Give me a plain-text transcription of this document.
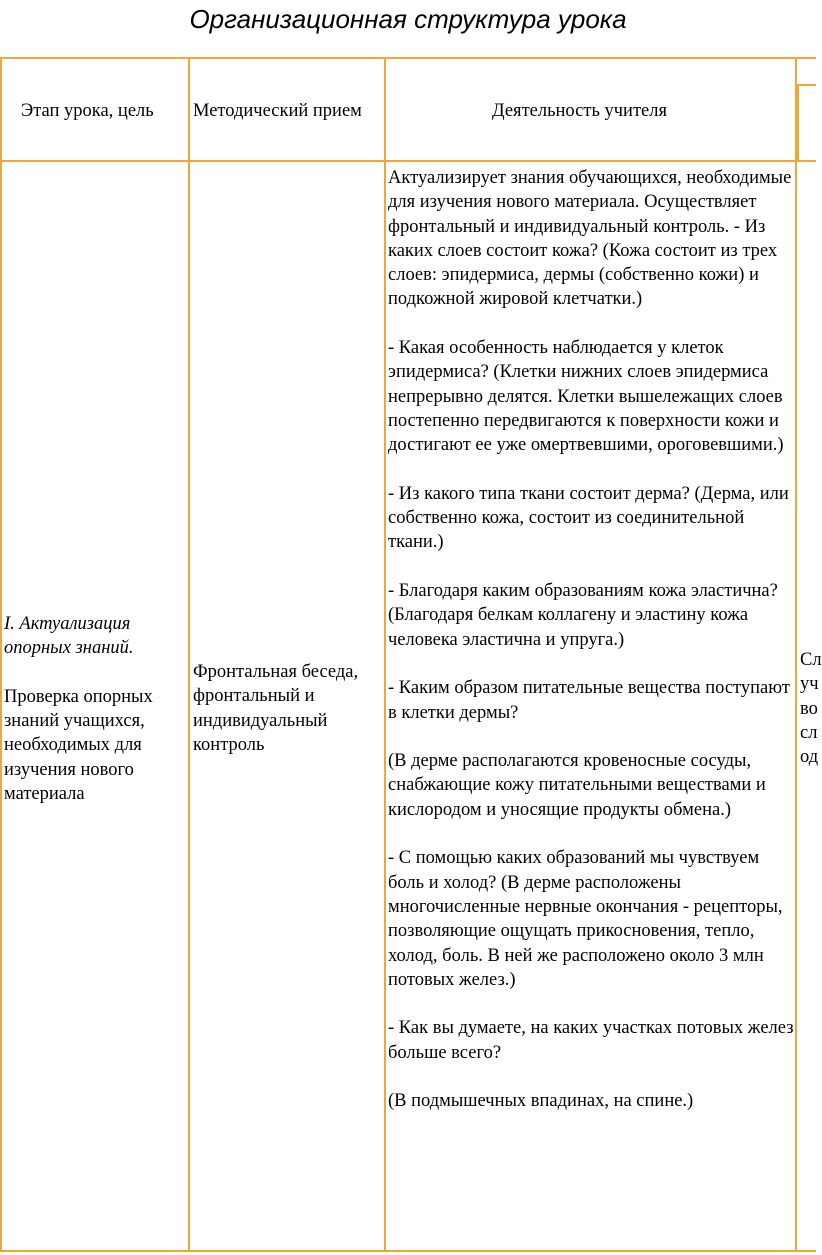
Организационная структура урока
Этап урока, цель Методический прием	Деятельность учителя

I. Актуализация опорных знаний.

Проверка опорных знаний учащихся, необходимых для изучения нового материала

Фронтальная беседа, фронтальный и индивидуальный контроль

Актуализирует знания обучающихся, необходимые для изучения нового материала. Осуществляет фронтальный и индивидуальный контроль. - Из каких слоев состоит кожа? (Кожа состоит из трех слоев: эпидермиса, дермы (собственно кожи) и подкожной жировой клетчатки.)

- Какая особенность наблюдается у клеток эпидермиса? (Клетки нижних слоев эпидермиса непрерывно делятся. Клетки вышележащих слоев постепенно передвигаются к поверхности кожи и достигают ее уже омертвевшими, ороговевшими.)

- Из какого типа ткани состоит дерма? (Дерма, или собственно кожа, состоит из соединительной ткани.)

- Благодаря каким образованиям кожа эластична? (Благодаря белкам коллагену и эластину кожа человека эластична и упруга.)

- Каким образом питательные вещества поступают в клетки дермы?

(В дерме располагаются кровеносные сосуды, снабжающие кожу питательными веществами и кислородом и уносящие продукты обмена.)

- С помощью каких образований мы чувствуем боль и холод? (В дерме расположены многочисленные нервные окончания - рецепторы, позволяющие ощущать прикосновения, тепло, холод, боль. В ней же расположено около 3 млн потовых желез.)

- Как вы думаете, на каких участках потовых желез больше всего?

(В подмышечных впадинах, на спине.)

Сл
уч
во
сл
од
